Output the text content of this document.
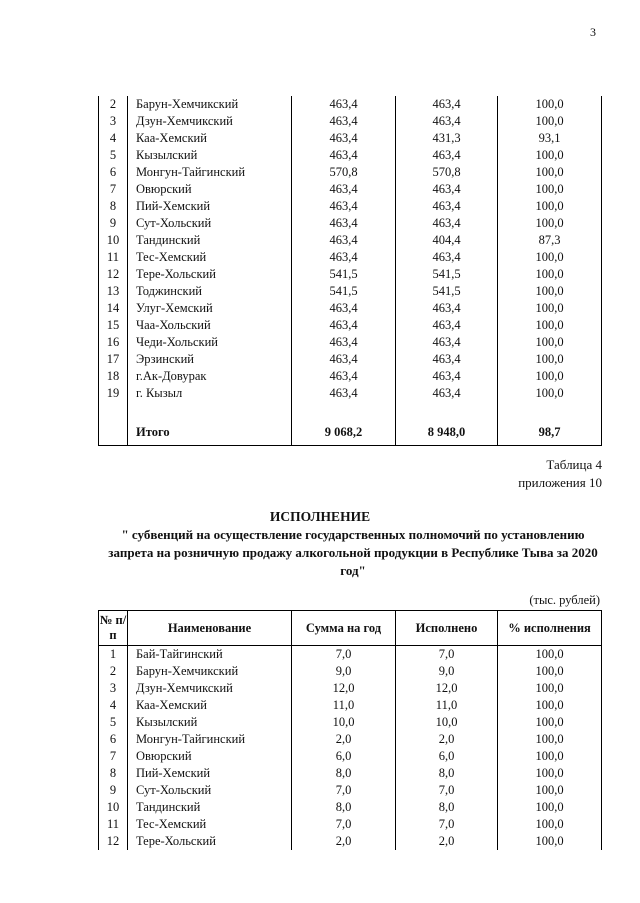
3
2	Барун-Хемчикский	463,4	463,4	100,0
3	Дзун-Хемчикский	463,4	463,4	100,0
4	Каа-Хемский	463,4	431,3	93,1
5	Кызылский	463,4	463,4	100,0
6	Монгун-Тайгинский	570,8	570,8	100,0
7	Овюрский	463,4	463,4	100,0
8	Пий-Хемский	463,4	463,4	100,0
9	Сут-Хольский	463,4	463,4	100,0
10	Тандинский	463,4	404,4	87,3
11	Тес-Хемский	463,4	463,4	100,0
12	Тере-Хольский	541,5	541,5	100,0
13	Тоджинский	541,5	541,5	100,0
14	Улуг-Хемский	463,4	463,4	100,0
15	Чаа-Хольский	463,4	463,4	100,0
16	Чеди-Хольский	463,4	463,4	100,0
17	Эрзинский	463,4	463,4	100,0
18	г.Ак-Довурак	463,4	463,4	100,0
19	г. Кызыл	463,4	463,4	100,0

	Итого	9 068,2	8 948,0	98,7
Таблица 4
приложения 10
ИСПОЛНЕНИЕ
" субвенций на осуществление государственных полномочий по установлению запрета на розничную продажу алкогольной продукции в Республике Тыва за 2020 год"
(тыс. рублей)
№ п/п	Наименование	Сумма на год	Исполнено	% исполнения
1	Бай-Тайгинский	7,0	7,0	100,0
2	Барун-Хемчикский	9,0	9,0	100,0
3	Дзун-Хемчикский	12,0	12,0	100,0
4	Каа-Хемский	11,0	11,0	100,0
5	Кызылский	10,0	10,0	100,0
6	Монгун-Тайгинский	2,0	2,0	100,0
7	Овюрский	6,0	6,0	100,0
8	Пий-Хемский	8,0	8,0	100,0
9	Сут-Хольский	7,0	7,0	100,0
10	Тандинский	8,0	8,0	100,0
11	Тес-Хемский	7,0	7,0	100,0
12	Тере-Хольский	2,0	2,0	100,0
